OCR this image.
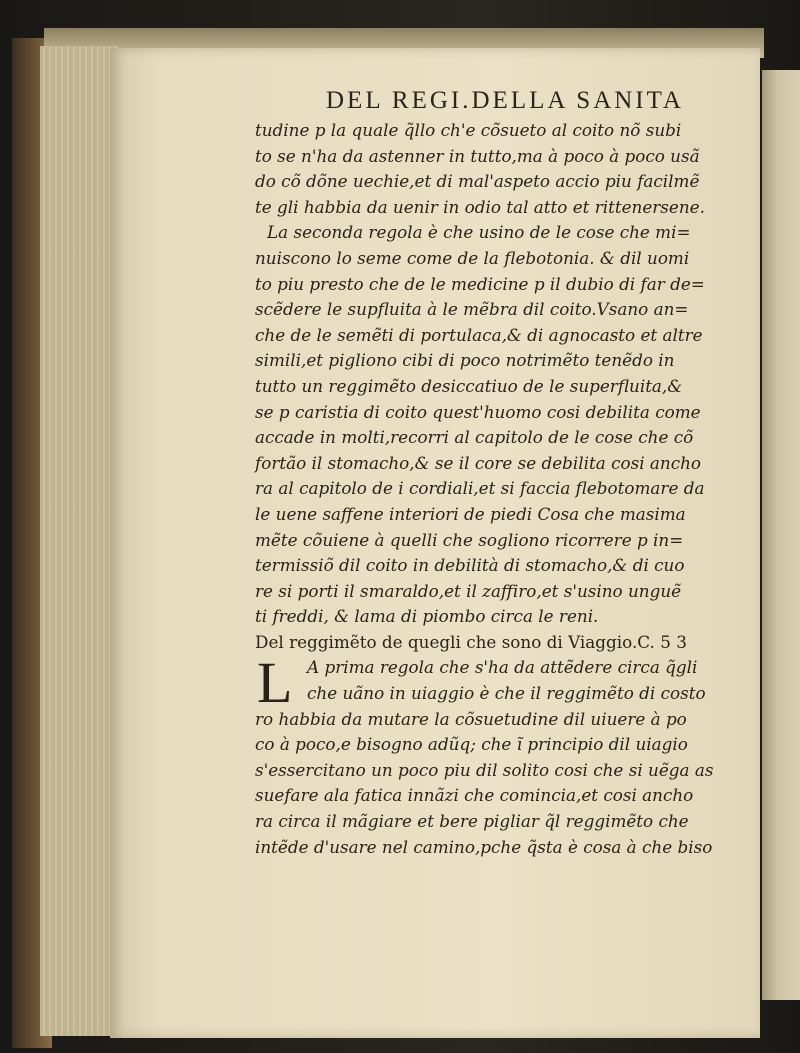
DEL REGI.DELLA SANITA
tudine p la quale q̃llo ch'e cõsueto al coito nõ subi
to se n'ha da astenner in tutto,ma à poco à poco usã
do cõ dõne uechie,et di mal'aspeto accio piu facilmẽ
te gli habbia da uenir in odio tal atto et rittenersene.
La seconda regola è che usino de le cose che mi=
nuiscono lo seme come de la flebotonia. & dil uomi
to piu presto che de le medicine p il dubio di far de=
scẽdere le supfluita à le mẽbra dil coito.Vsano an=
che de le semẽti di portulaca,& di agnocasto et altre
simili,et pigliono cibi di poco notrimẽto tenẽdo in
tutto un reggimẽto desiccatiuo de le superfluita,&
se p caristia di coito quest'huomo cosi debilita come
accade in molti,recorri al capitolo de le cose che cõ
fortão il stomacho,& se il core se debilita cosi ancho
ra al capitolo de i cordiali,et si faccia flebotomare da
le uene saffene interiori de piedi Cosa che masima
mẽte cõuiene à quelli che sogliono ricorrere p in=
termissiõ dil coito in debilità di stomacho,& di cuo
re si porti il smaraldo,et il zaffiro,et s'usino unguẽ
ti freddi, & lama di piombo circa le reni.
Del reggimẽto de quegli che sono di Viaggio.C. 5 3
L A prima regola che s'ha da attẽdere circa q̃gli
che uãno in uiaggio è che il reggimẽto di costo
ro habbia da mutare la cõsuetudine dil uiuere à po
co à poco,e bisogno adũq; che ĩ principio dil uiagio
s'essercitano un poco piu dil solito cosi che si uẽga as
suefare ala fatica innãzi che comincia,et cosi ancho
ra circa il mãgiare et bere pigliar q̃l reggimẽto che
intẽde d'usare nel camino,pche q̃sta è cosa à che biso
